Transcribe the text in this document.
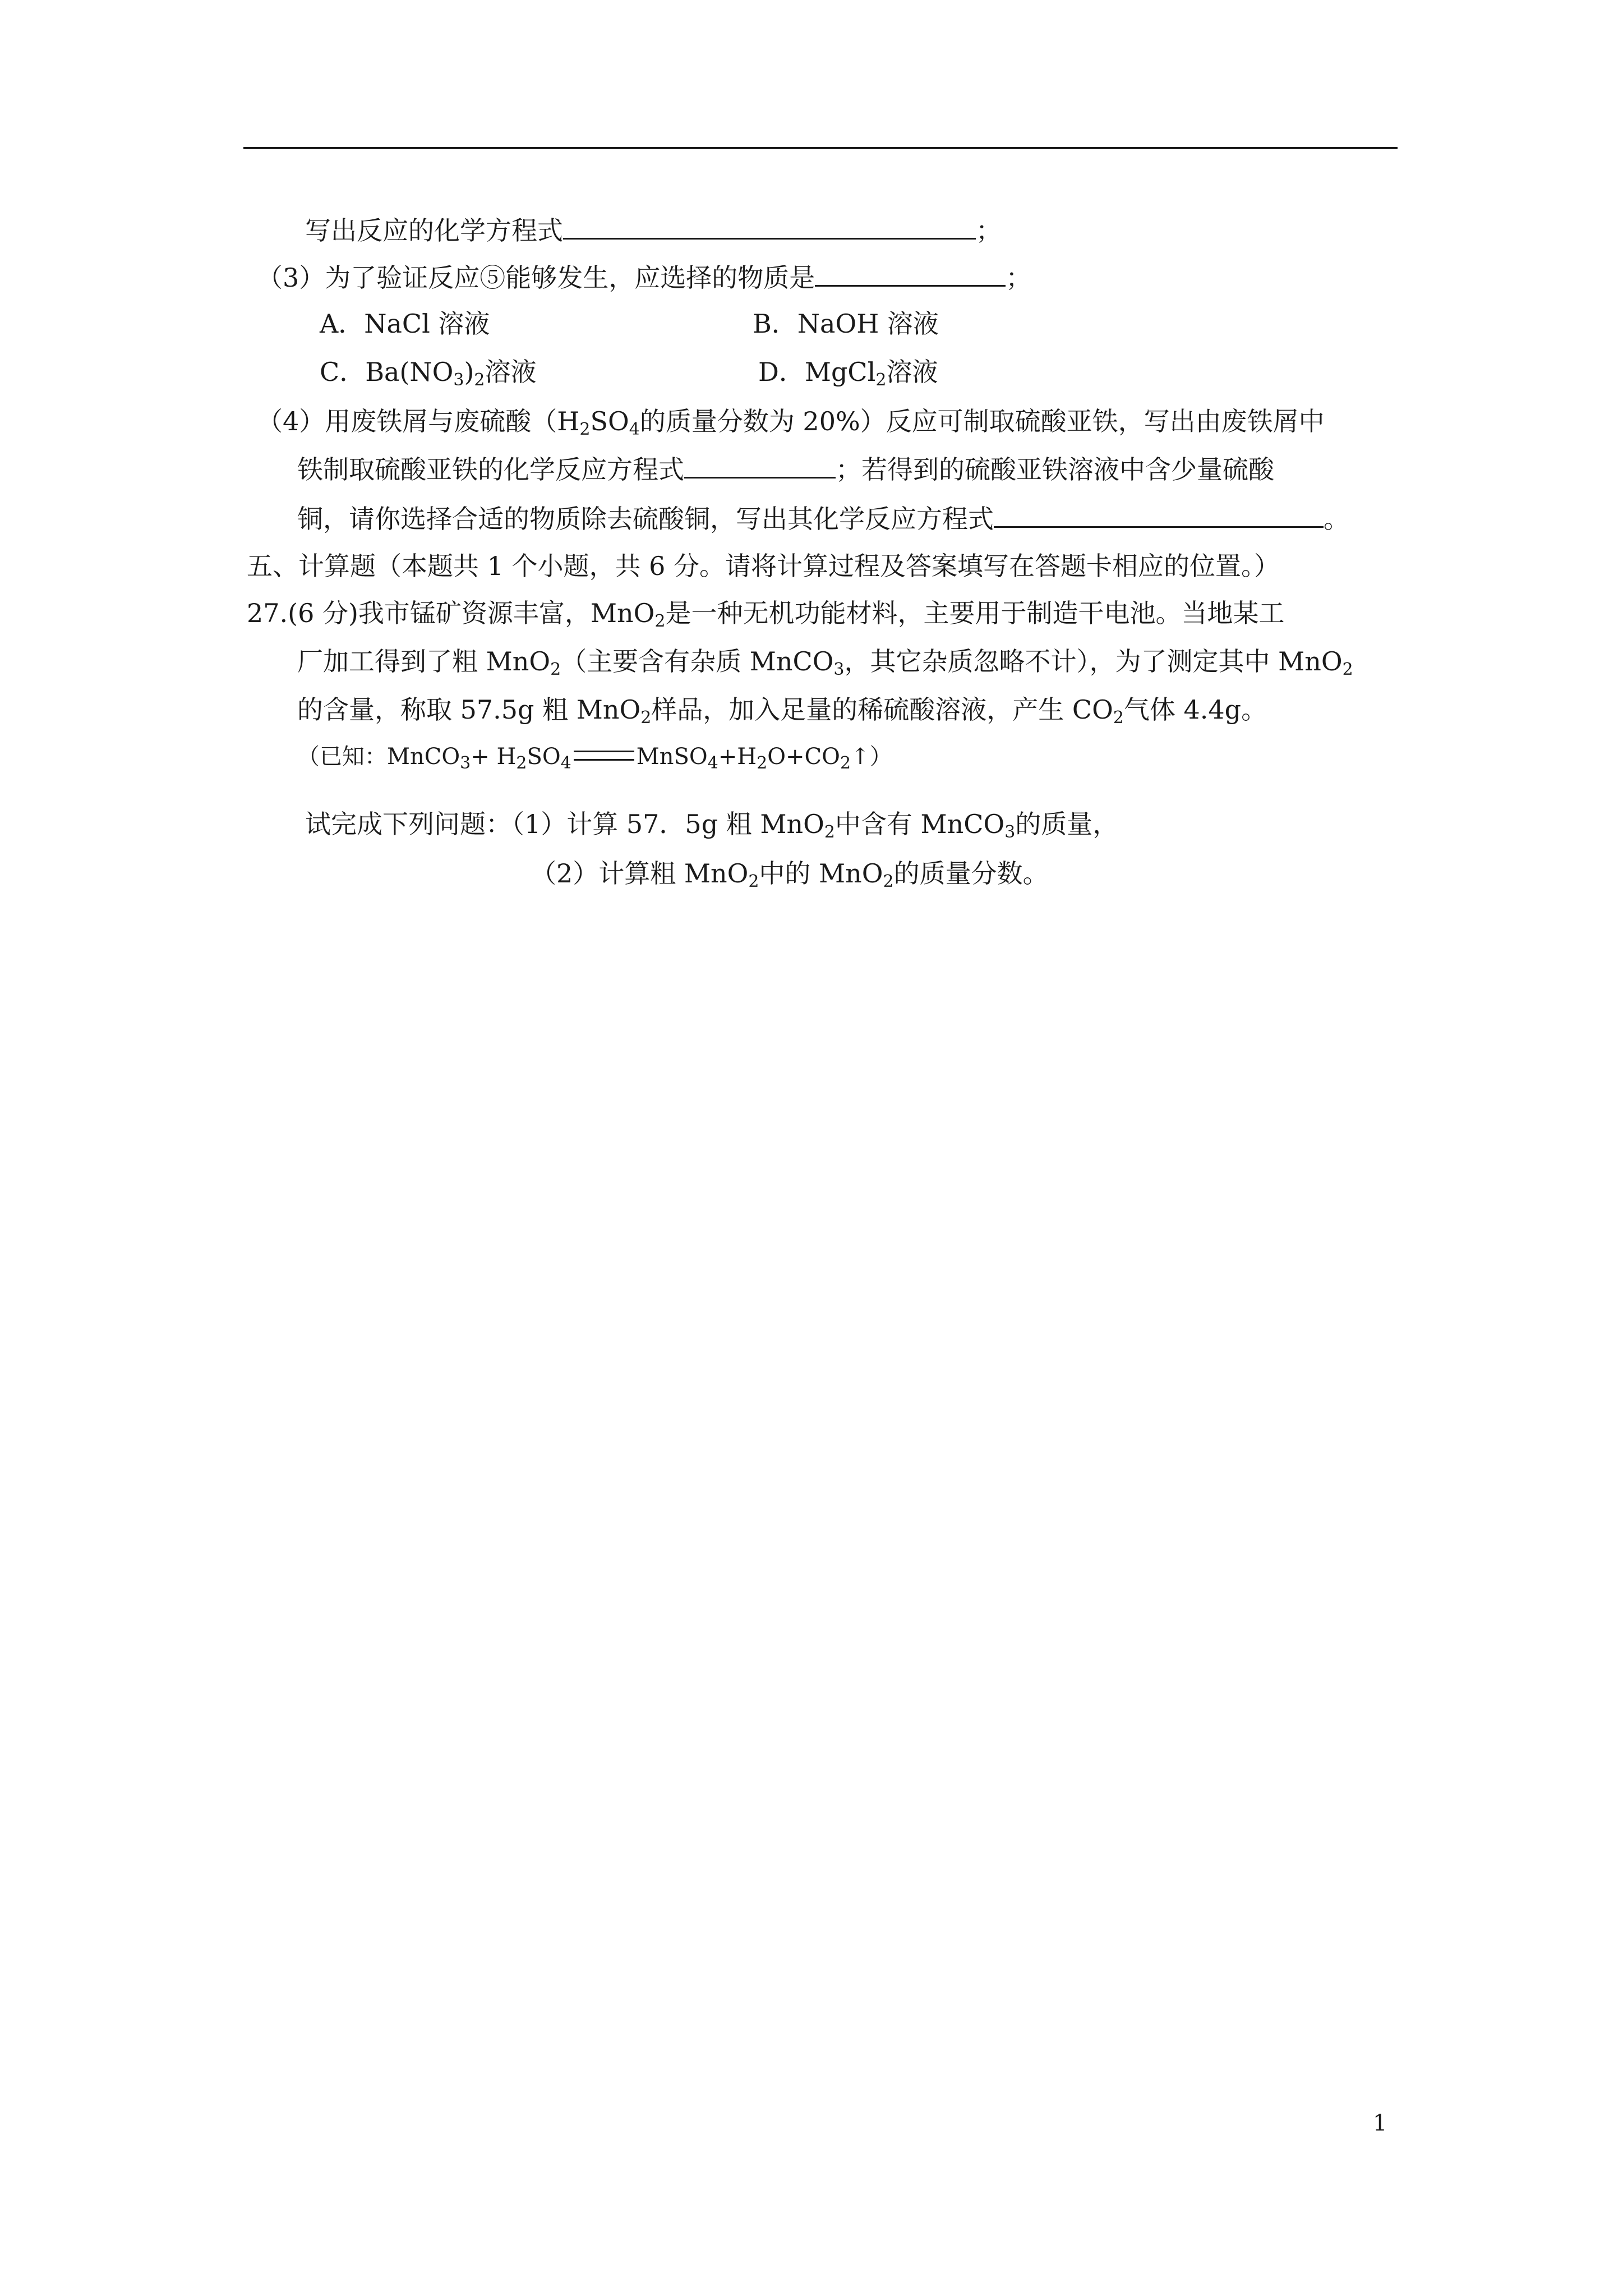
写出反应的化学方程式	；
（3）为了验证反应⑤能够发生，应选择的物质是	；
A．NaCl 溶液	B．NaOH 溶液
C．$Ba(NO_3)_2$溶液	D．MgCl$_2$溶液
（4）用废铁屑与废硫酸（$H_2SO_4$的质量分数为 20%）反应可制取硫酸亚铁，写出由废铁屑中
铁制取硫酸亚铁的化学反应方程式	；若得到的硫酸亚铁溶液中含少量硫酸
铜，请你选择合适的物质除去硫酸铜，写出其化学反应方程式	。
五、计算题（本题共 1 个小题，共 6 分。请将计算过程及答案填写在答题卡相应的位置。）
27.(6 分)我市锰矿资源丰富，MnO$_2$是一种无机功能材料，主要用于制造干电池。当地某工
厂加工得到了粗 MnO$_2$（主要含有杂质 MnCO$_3$，其它杂质忽略不计），为了测定其中 MnO$_2$
的含量，称取 57.5g 粗 MnO$_2$样品，加入足量的稀硫酸溶液，产生 $CO_2$气体 4.4g。
（已知：MnCO$_3$+ $H_2SO_4$	$MnSO_4+H_2O+CO_2↑$）
试完成下列问题：（1）计算 57．5g 粗 MnO$_2$中含有 MnCO$_3$的质量，
（2）计算粗 MnO$_2$中的 MnO$_2$的质量分数。
1
